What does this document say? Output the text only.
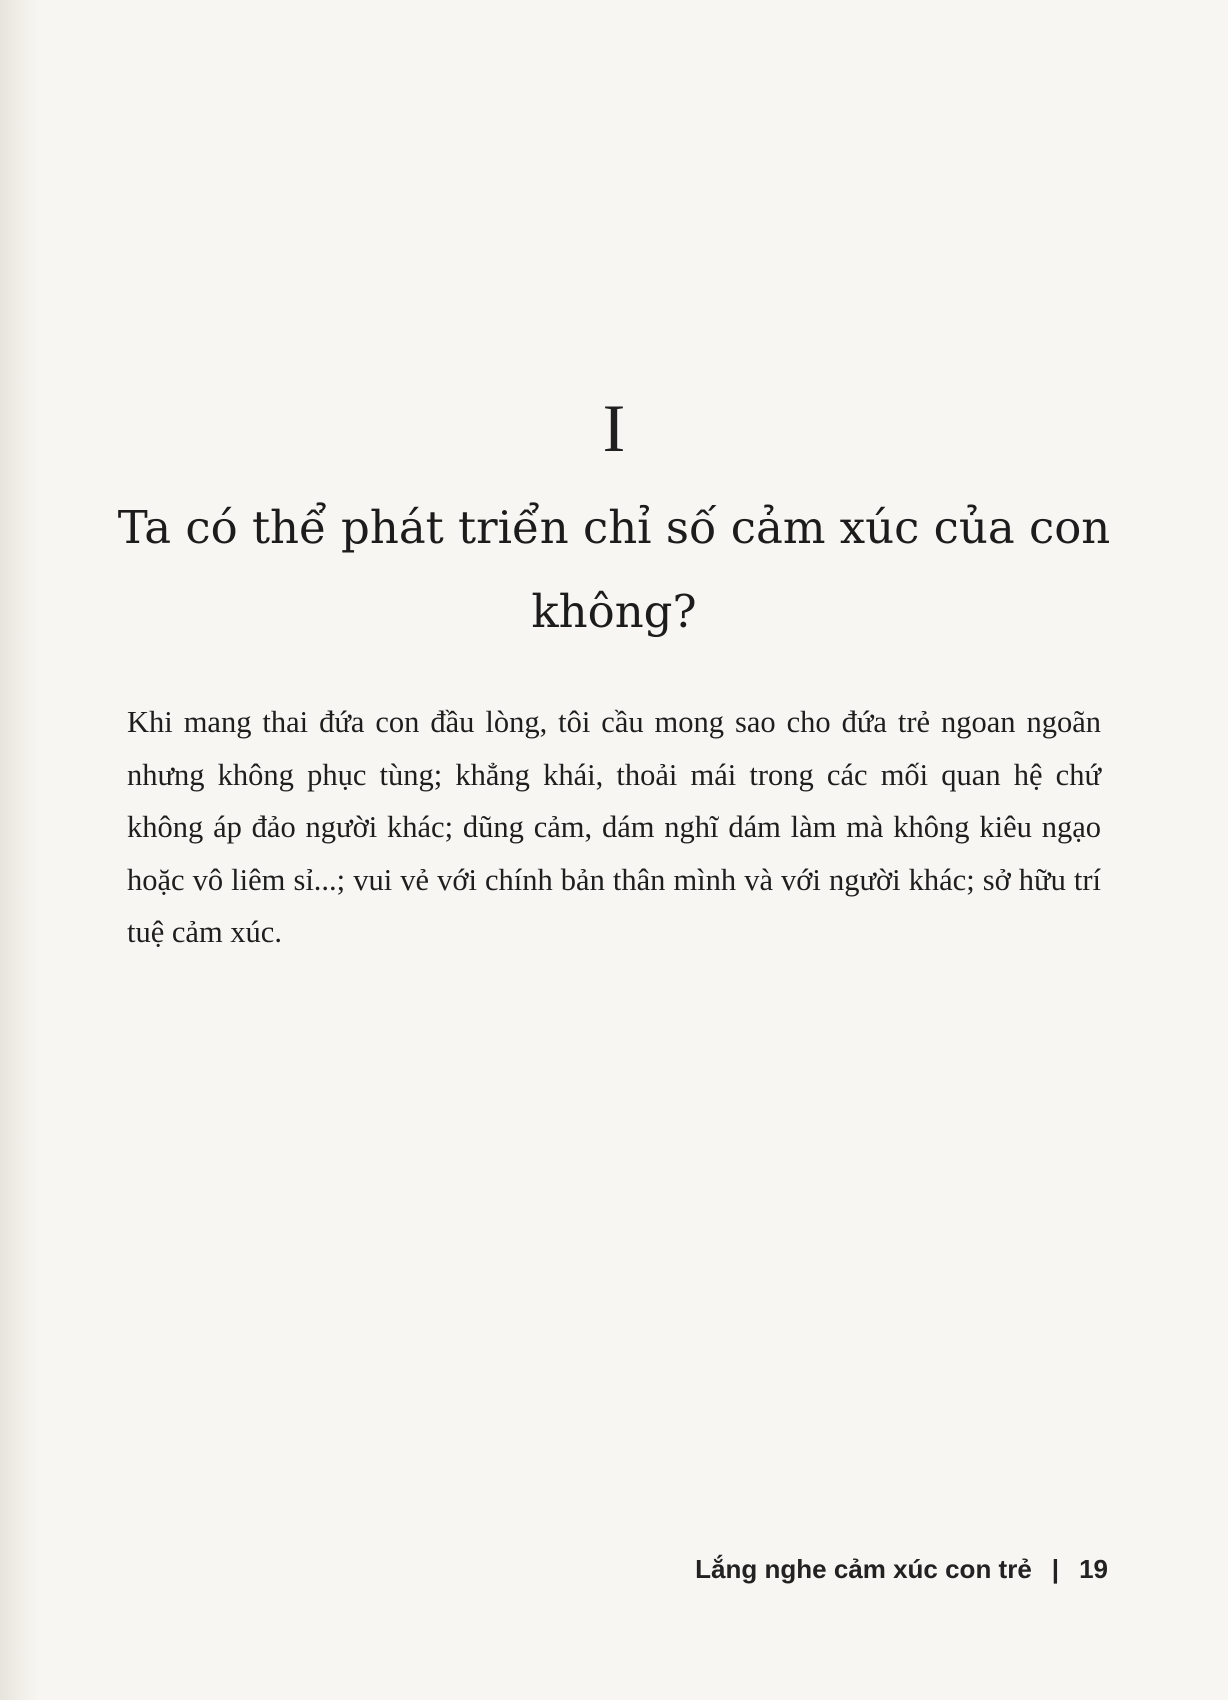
I
Ta có thể phát triển chỉ số cảm xúc của con không?

Khi mang thai đứa con đầu lòng, tôi cầu mong sao cho đứa trẻ ngoan ngoãn nhưng không phục tùng; khẳng khái, thoải mái trong các mối quan hệ chứ không áp đảo người khác; dũng cảm, dám nghĩ dám làm mà không kiêu ngạo hoặc vô liêm sỉ...; vui vẻ với chính bản thân mình và với người khác; sở hữu trí tuệ cảm xúc.

Lắng nghe cảm xúc con trẻ | 19
